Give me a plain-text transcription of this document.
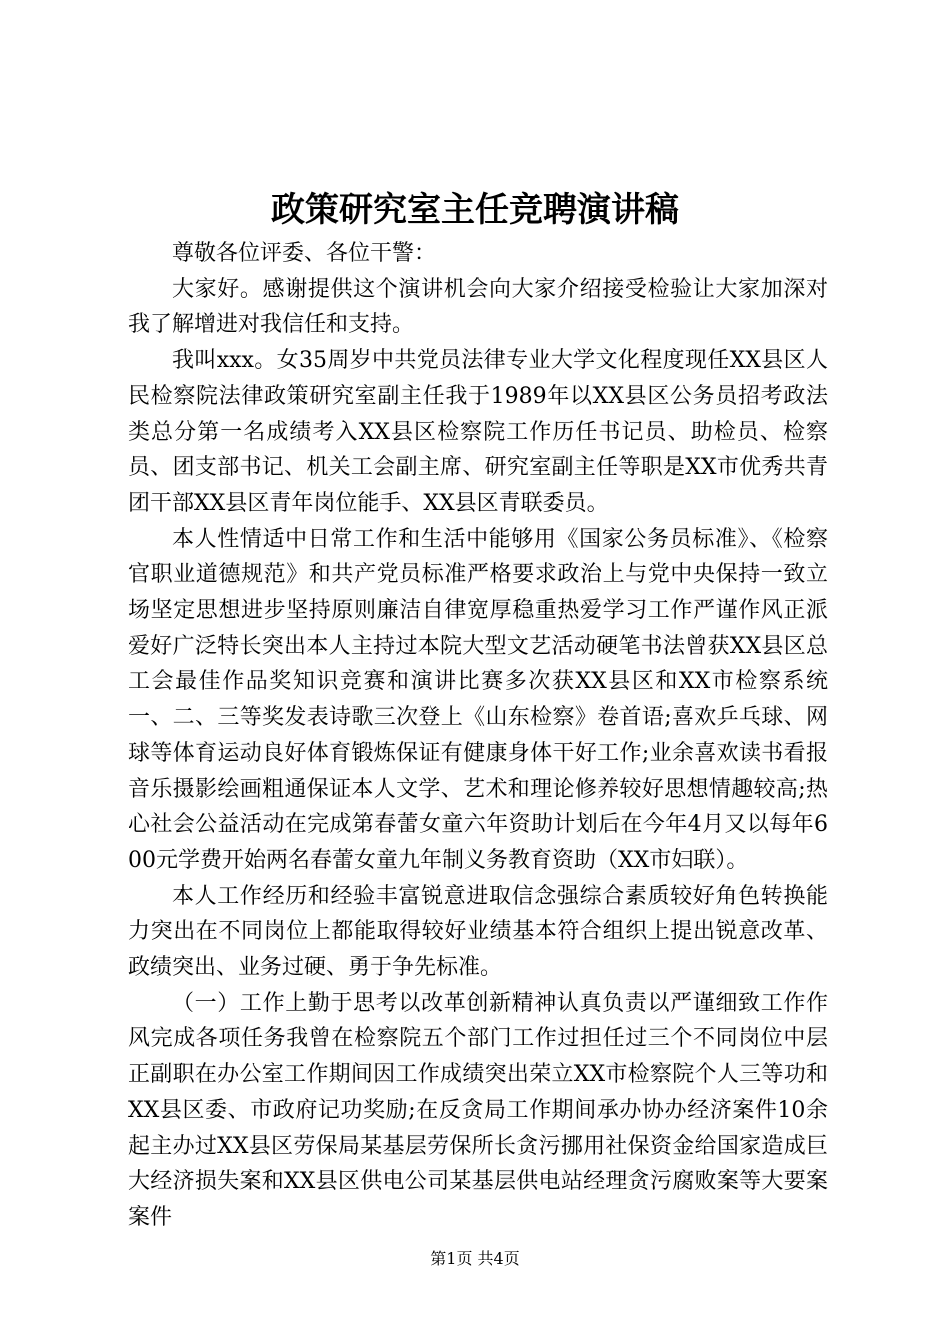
政策研究室主任竞聘演讲稿

尊敬各位评委、各位干警：

大家好。感谢提供这个演讲机会向大家介绍接受检验让大家加深对我了解增进对我信任和支持。

我叫xxx。女35周岁中共党员法律专业大学文化程度现任XX县区人民检察院法律政策研究室副主任我于1989年以XX县区公务员招考政法类总分第一名成绩考入XX县区检察院工作历任书记员、助检员、检察员、团支部书记、机关工会副主席、研究室副主任等职是XX市优秀共青团干部XX县区青年岗位能手、XX县区青联委员。

本人性情适中日常工作和生活中能够用《国家公务员标准》、《检察官职业道德规范》和共产党员标准严格要求政治上与党中央保持一致立场坚定思想进步坚持原则廉洁自律宽厚稳重热爱学习工作严谨作风正派爱好广泛特长突出本人主持过本院大型文艺活动硬笔书法曾获XX县区总工会最佳作品奖知识竞赛和演讲比赛多次获XX县区和XX市检察系统一、二、三等奖发表诗歌三次登上《山东检察》卷首语;喜欢乒乓球、网球等体育运动良好体育锻炼保证有健康身体干好工作;业余喜欢读书看报音乐摄影绘画粗通保证本人文学、艺术和理论修养较好思想情趣较高;热心社会公益活动在完成第春蕾女童六年资助计划后在今年4月又以每年600元学费开始两名春蕾女童九年制义务教育资助（XX市妇联）。

本人工作经历和经验丰富锐意进取信念强综合素质较好角色转换能力突出在不同岗位上都能取得较好业绩基本符合组织上提出锐意改革、政绩突出、业务过硬、勇于争先标准。

（一）工作上勤于思考以改革创新精神认真负责以严谨细致工作作风完成各项任务我曾在检察院五个部门工作过担任过三个不同岗位中层正副职在办公室工作期间因工作成绩突出荣立XX市检察院个人三等功和XX县区委、市政府记功奖励;在反贪局工作期间承办协办经济案件10余起主办过XX县区劳保局某基层劳保所长贪污挪用社保资金给国家造成巨大经济损失案和XX县区供电公司某基层供电站经理贪污腐败案等大要案案件

第1页 共4页
